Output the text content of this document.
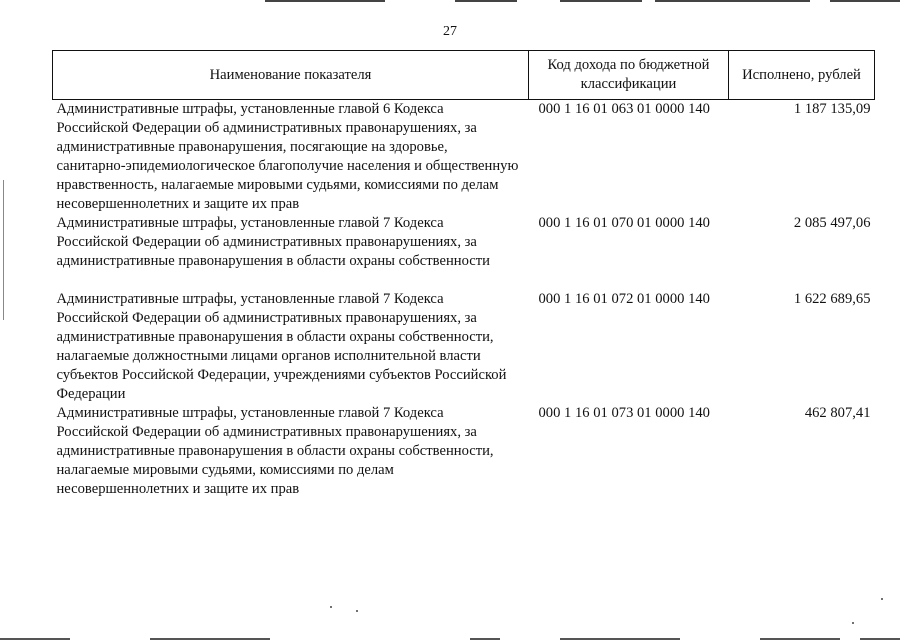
27
Наименование показателя	Код дохода по бюджетной классификации	Исполнено, рублей
Административные штрафы, установленные главой 6 Кодекса Российской Федерации об административных правонарушениях, за административные правонарушения, посягающие на здоровье, санитарно-эпидемиологическое благополучие населения и общественную нравственность, налагаемые мировыми судьями, комиссиями по делам несовершеннолетних и защите их прав	000 1 16 01 063 01 0000 140	1 187 135,09
Административные штрафы, установленные главой 7 Кодекса Российской Федерации об административных правонарушениях, за административные правонарушения в области охраны собственности	000 1 16 01 070 01 0000 140	2 085 497,06
Административные штрафы, установленные главой 7 Кодекса Российской Федерации об административных правонарушениях, за административные правонарушения в области охраны собственности, налагаемые должностными лицами органов исполнительной власти субъектов Российской Федерации, учреждениями субъектов Российской Федерации	000 1 16 01 072 01 0000 140	1 622 689,65
Административные штрафы, установленные главой 7 Кодекса Российской Федерации об административных правонарушениях, за административные правонарушения в области охраны собственности, налагаемые мировыми судьями, комиссиями по делам несовершеннолетних и защите их прав	000 1 16 01 073 01 0000 140	462 807,41
